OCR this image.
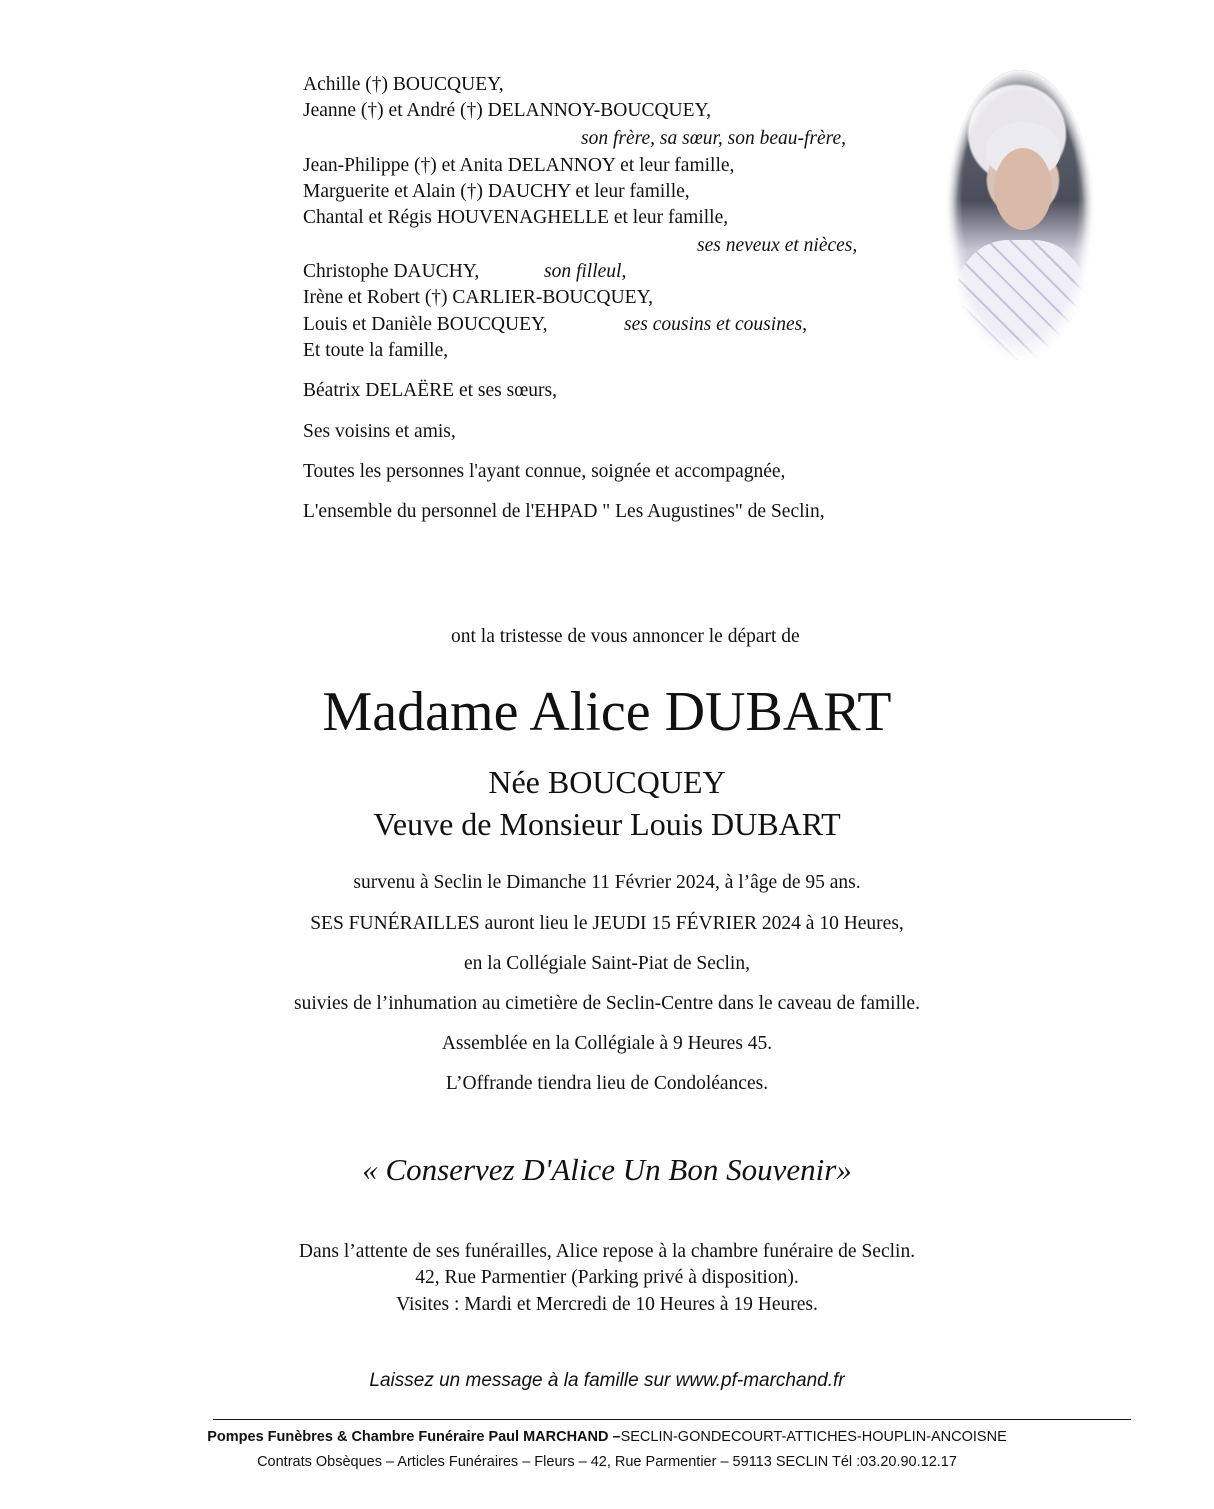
Achille (†) BOUCQUEY,
Jeanne (†) et André (†) DELANNOY-BOUCQUEY,
son frère, sa sœur, son beau-frère,
Jean-Philippe (†) et Anita DELANNOY et leur famille,
Marguerite et Alain (†) DAUCHY et leur famille,
Chantal et Régis HOUVENAGHELLE et leur famille,
ses neveux et nièces,
Christophe DAUCHY,	son filleul,
Irène et Robert (†) CARLIER-BOUCQUEY,
Louis et Danièle BOUCQUEY,	ses cousins et cousines,
Et toute la famille,
Béatrix DELAËRE et ses sœurs,
Ses voisins et amis,
Toutes les personnes l'ayant connue, soignée et accompagnée,
L'ensemble du personnel de l'EHPAD " Les Augustines" de Seclin,
ont la tristesse de vous annoncer le départ de
Madame Alice DUBART
Née BOUCQUEY
Veuve de Monsieur Louis DUBART
survenu à Seclin le Dimanche 11 Février 2024, à l’âge de 95 ans.
SES FUNÉRAILLES auront lieu le JEUDI 15 FÉVRIER 2024 à 10 Heures,
en la Collégiale Saint-Piat de Seclin,
suivies de l’inhumation au cimetière de Seclin-Centre dans le caveau de famille.
Assemblée en la Collégiale à 9 Heures 45.
L’Offrande tiendra lieu de Condoléances.
« Conservez D'Alice Un Bon Souvenir»
Dans l’attente de ses funérailles, Alice repose à la chambre funéraire de Seclin.
42, Rue Parmentier (Parking privé à disposition).
Visites : Mardi et Mercredi de 10 Heures à 19 Heures.
Laissez un message à la famille sur www.pf-marchand.fr
Pompes Funèbres & Chambre Funéraire Paul MARCHAND –SECLIN-GONDECOURT-ATTICHES-HOUPLIN-ANCOISNE
Contrats Obsèques – Articles Funéraires – Fleurs – 42, Rue Parmentier – 59113 SECLIN Tél :03.20.90.12.17
